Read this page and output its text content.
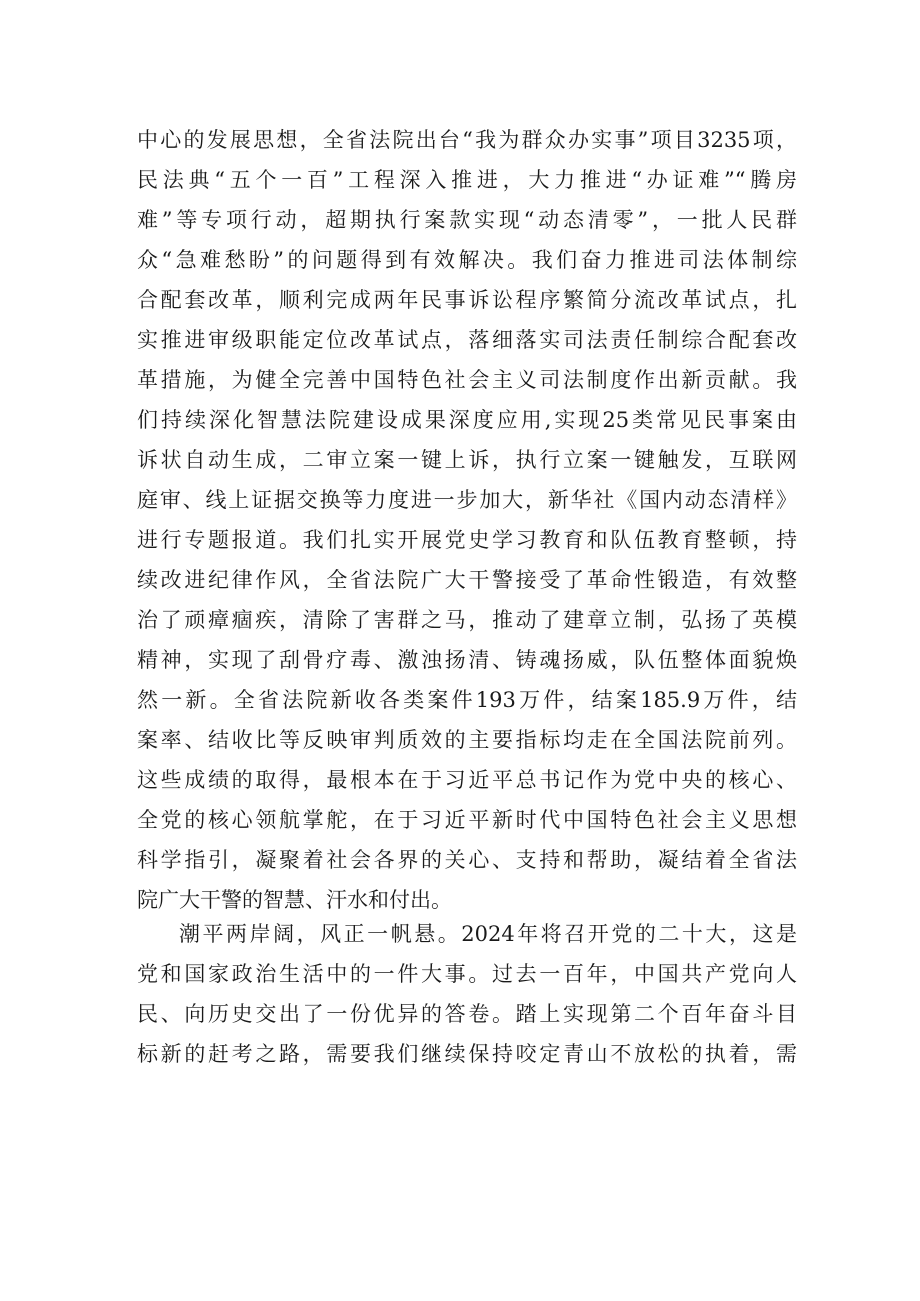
中心的发展思想，全省法院出台“我为群众办实事”项目3235项，
民法典“五个一百”工程深入推进，大力推进“办证难”“腾房
难”等专项行动，超期执行案款实现“动态清零”，一批人民群
众“急难愁盼”的问题得到有效解决。我们奋力推进司法体制综
合配套改革，顺利完成两年民事诉讼程序繁简分流改革试点，扎
实推进审级职能定位改革试点，落细落实司法责任制综合配套改
革措施，为健全完善中国特色社会主义司法制度作出新贡献。我
们持续深化智慧法院建设成果深度应用,实现25类常见民事案由
诉状自动生成，二审立案一键上诉，执行立案一键触发，互联网
庭审、线上证据交换等力度进一步加大，新华社《国内动态清样》
进行专题报道。我们扎实开展党史学习教育和队伍教育整顿，持
续改进纪律作风，全省法院广大干警接受了革命性锻造，有效整
治了顽瘴痼疾，清除了害群之马，推动了建章立制，弘扬了英模
精神，实现了刮骨疗毒、激浊扬清、铸魂扬威，队伍整体面貌焕
然一新。全省法院新收各类案件193万件，结案185.9万件，结
案率、结收比等反映审判质效的主要指标均走在全国法院前列。
这些成绩的取得，最根本在于习近平总书记作为党中央的核心、
全党的核心领航掌舵，在于习近平新时代中国特色社会主义思想
科学指引，凝聚着社会各界的关心、支持和帮助，凝结着全省法
院广大干警的智慧、汗水和付出。
潮平两岸阔，风正一帆悬。2024年将召开党的二十大，这是
党和国家政治生活中的一件大事。过去一百年，中国共产党向人
民、向历史交出了一份优异的答卷。踏上实现第二个百年奋斗目
标新的赶考之路，需要我们继续保持咬定青山不放松的执着，需
